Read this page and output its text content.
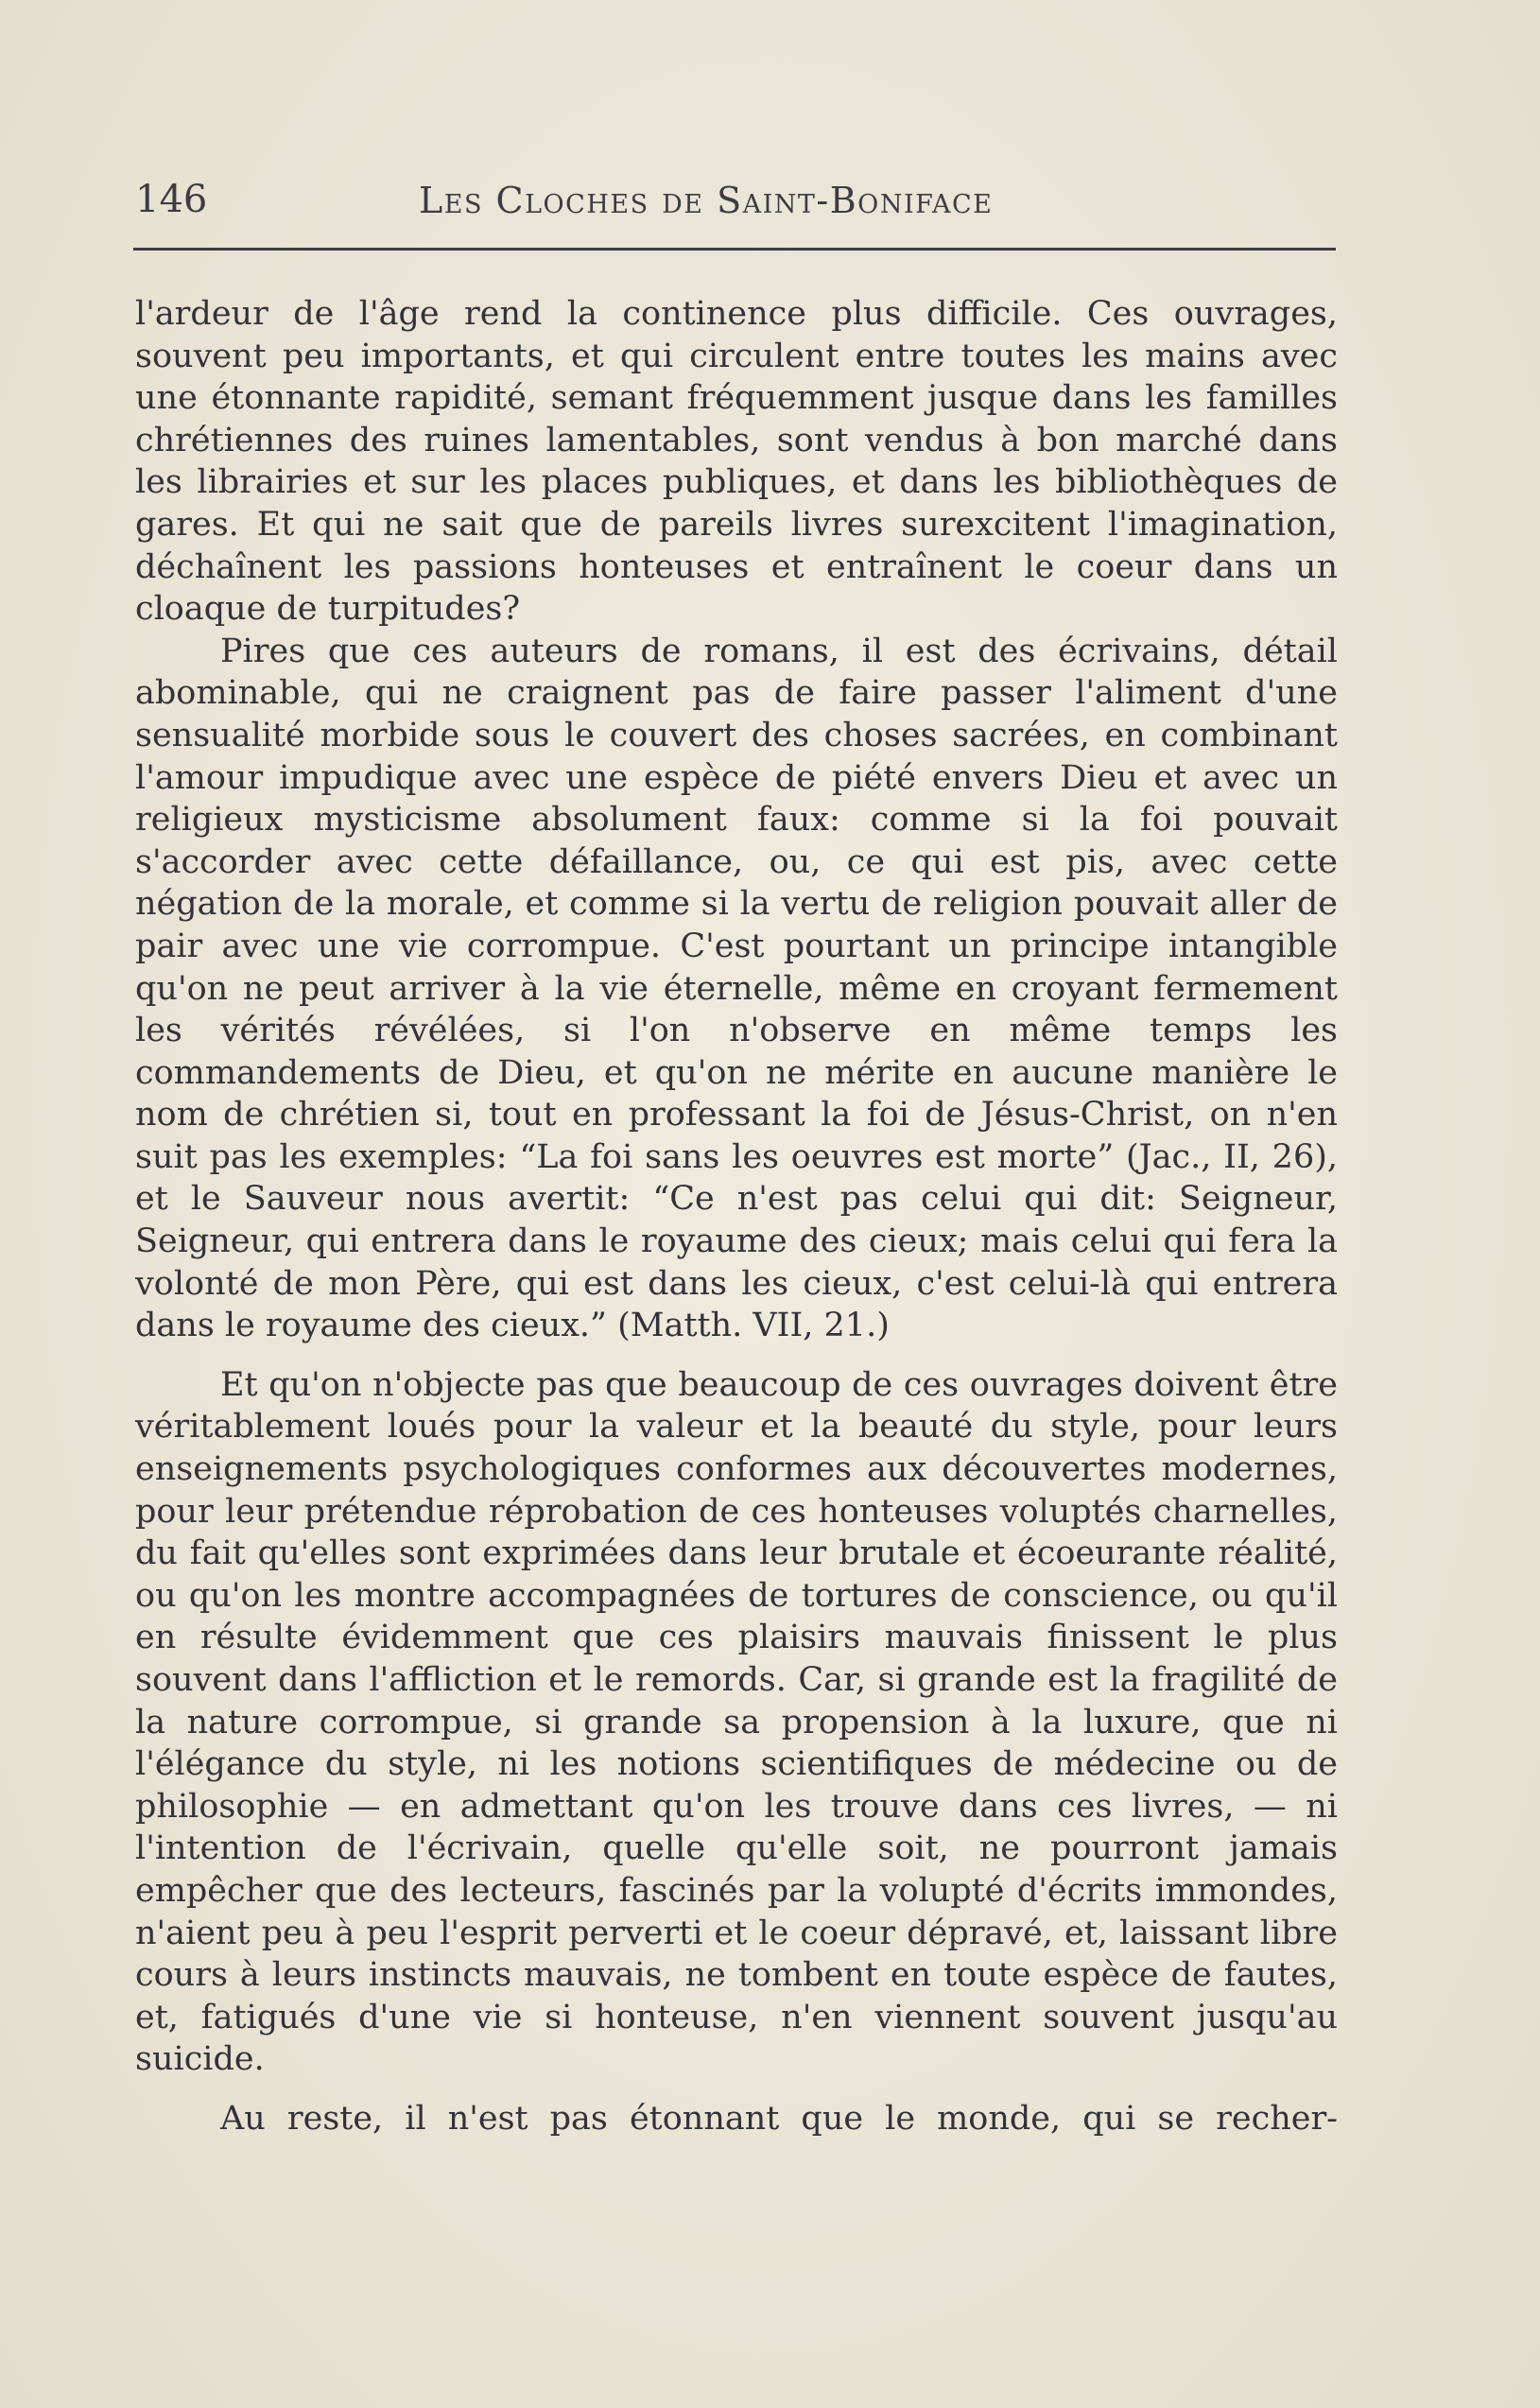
146	Les Cloches de Saint-Boniface

l'ardeur de l'âge rend la continence plus difficile. Ces ouvrages, souvent peu importants, et qui circulent entre toutes les mains avec une étonnante rapidité, semant fréquemment jusque dans les familles chrétiennes des ruines lamentables, sont vendus à bon marché dans les librairies et sur les places publiques, et dans les bibliothèques de gares. Et qui ne sait que de pareils livres surexcitent l'imagination, déchaînent les passions honteuses et entraînent le coeur dans un cloaque de turpitudes?

Pires que ces auteurs de romans, il est des écrivains, détail abominable, qui ne craignent pas de faire passer l'aliment d'une sensualité morbide sous le couvert des choses sacrées, en combinant l'amour impudique avec une espèce de piété envers Dieu et avec un religieux mysticisme absolument faux: comme si la foi pouvait s'accorder avec cette défaillance, ou, ce qui est pis, avec cette négation de la morale, et comme si la vertu de religion pouvait aller de pair avec une vie corrompue. C'est pourtant un principe intangible qu'on ne peut arriver à la vie éternelle, même en croyant fermement les vérités révélées, si l'on n'observe en même temps les commandements de Dieu, et qu'on ne mérite en aucune manière le nom de chrétien si, tout en professant la foi de Jésus-Christ, on n'en suit pas les exemples: “La foi sans les oeuvres est morte” (Jac., II, 26), et le Sauveur nous avertit: “Ce n'est pas celui qui dit: Seigneur, Seigneur, qui entrera dans le royaume des cieux; mais celui qui fera la volonté de mon Père, qui est dans les cieux, c'est celui-là qui entrera dans le royaume des cieux.” (Matth. VII, 21.)

Et qu'on n'objecte pas que beaucoup de ces ouvrages doivent être véritablement loués pour la valeur et la beauté du style, pour leurs enseignements psychologiques conformes aux découvertes modernes, pour leur prétendue réprobation de ces honteuses voluptés charnelles, du fait qu'elles sont exprimées dans leur brutale et écoeurante réalité, ou qu'on les montre accompagnées de tortures de conscience, ou qu'il en résulte évidemment que ces plaisirs mauvais finissent le plus souvent dans l'affliction et le remords. Car, si grande est la fragilité de la nature corrompue, si grande sa propension à la luxure, que ni l'élégance du style, ni les notions scientifiques de médecine ou de philosophie — en admettant qu'on les trouve dans ces livres, — ni l'intention de l'écrivain, quelle qu'elle soit, ne pourront jamais empêcher que des lecteurs, fascinés par la volupté d'écrits immondes, n'aient peu à peu l'esprit perverti et le coeur dépravé, et, laissant libre cours à leurs instincts mauvais, ne tombent en toute espèce de fautes, et, fatigués d'une vie si honteuse, n'en viennent souvent jusqu'au suicide.

Au reste, il n'est pas étonnant que le monde, qui se recher-
